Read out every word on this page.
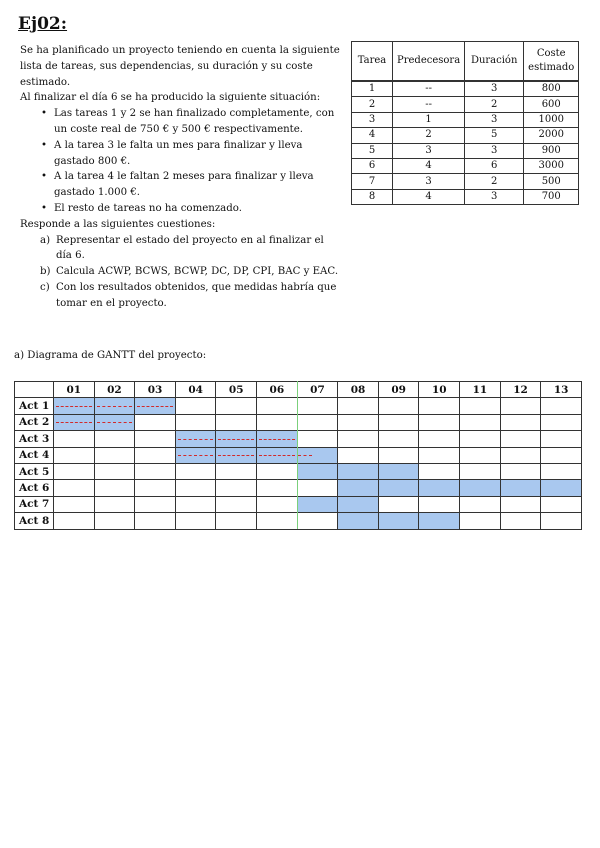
Ej02:

Se ha planificado un proyecto teniendo en cuenta la siguiente lista de tareas, sus dependencias, su duración y su coste estimado.

Al finalizar el día 6 se ha producido la siguiente situación:

• Las tareas 1 y 2 se han finalizado completamente, con un coste real de 750 € y 500 € respectivamente.
• A la tarea 3 le falta un mes para finalizar y lleva gastado 800 €.
• A la tarea 4 le faltan 2 meses para finalizar y lleva gastado 1.000 €.
• El resto de tareas no ha comenzado.

Responde a las siguientes cuestiones:

a) Representar el estado del proyecto en al finalizar el día 6.
b) Calcula ACWP, BCWS, BCWP, DC, DP, CPI, BAC y EAC.
c) Con los resultados obtenidos, que medidas habría que tomar en el proyecto.
Tarea	Predecesora	Duración	Coste estimado
1	--	3	800
2	--	2	600
3	1	3	1000
4	2	5	2000
5	3	3	900
6	4	6	3000
7	3	2	500
8	4	3	700
a) Diagrama de GANTT del proyecto:
	01	02	03	04	05	06	07	08	09	10	11	12	13
Act 1													
Act 2													
Act 3													
Act 4							

Act 5													
Act 6													
Act 7													
Act 8													
